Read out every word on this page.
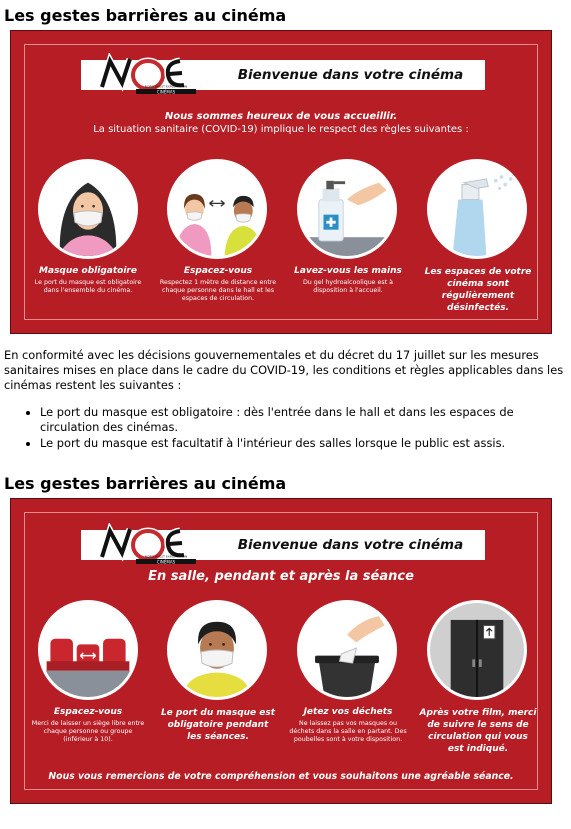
Les gestes barrières au cinéma
Bienvenue dans votre cinéma
CINÉMAS
NORD OUEST EXPLOITATION
Nous sommes heureux de vous accueillir.
La situation sanitaire (COVID-19) implique le respect des règles suivantes :
Masque obligatoire
Le port du masque est obligatoire dans l'ensemble du cinéma.
Espacez-vous
Respectez 1 mètre de distance entre chaque personne dans le hall et les espaces de circulation.
Lavez-vous les mains
Du gel hydroalcoolique est à disposition à l'accueil.
Les espaces de votre cinéma sont régulièrement désinfectés.

En conformité avec les décisions gouvernementales et du décret du 17 juillet sur les mesures sanitaires mises en place dans le cadre du COVID-19, les conditions et règles applicables dans les cinémas restent les suivantes :

• Le port du masque est obligatoire : dès l'entrée dans le hall et dans les espaces de circulation des cinémas.
• Le port du masque est facultatif à l'intérieur des salles lorsque le public est assis.
Les gestes barrières au cinéma
Bienvenue dans votre cinéma
CINÉMAS
NORD OUEST EXPLOITATION
En salle, pendant et après la séance
Espacez-vous
Merci de laisser un siège libre entre chaque personne ou groupe (inférieur à 10).
Le port du masque est obligatoire pendant les séances.
Jetez vos déchets
Ne laissez pas vos masques ou déchets dans la salle en partant. Des poubelles sont à votre disposition.
Après votre film, merci de suivre le sens de circulation qui vous est indiqué.
Nous vous remercions de votre compréhension et vous souhaitons une agréable séance.
